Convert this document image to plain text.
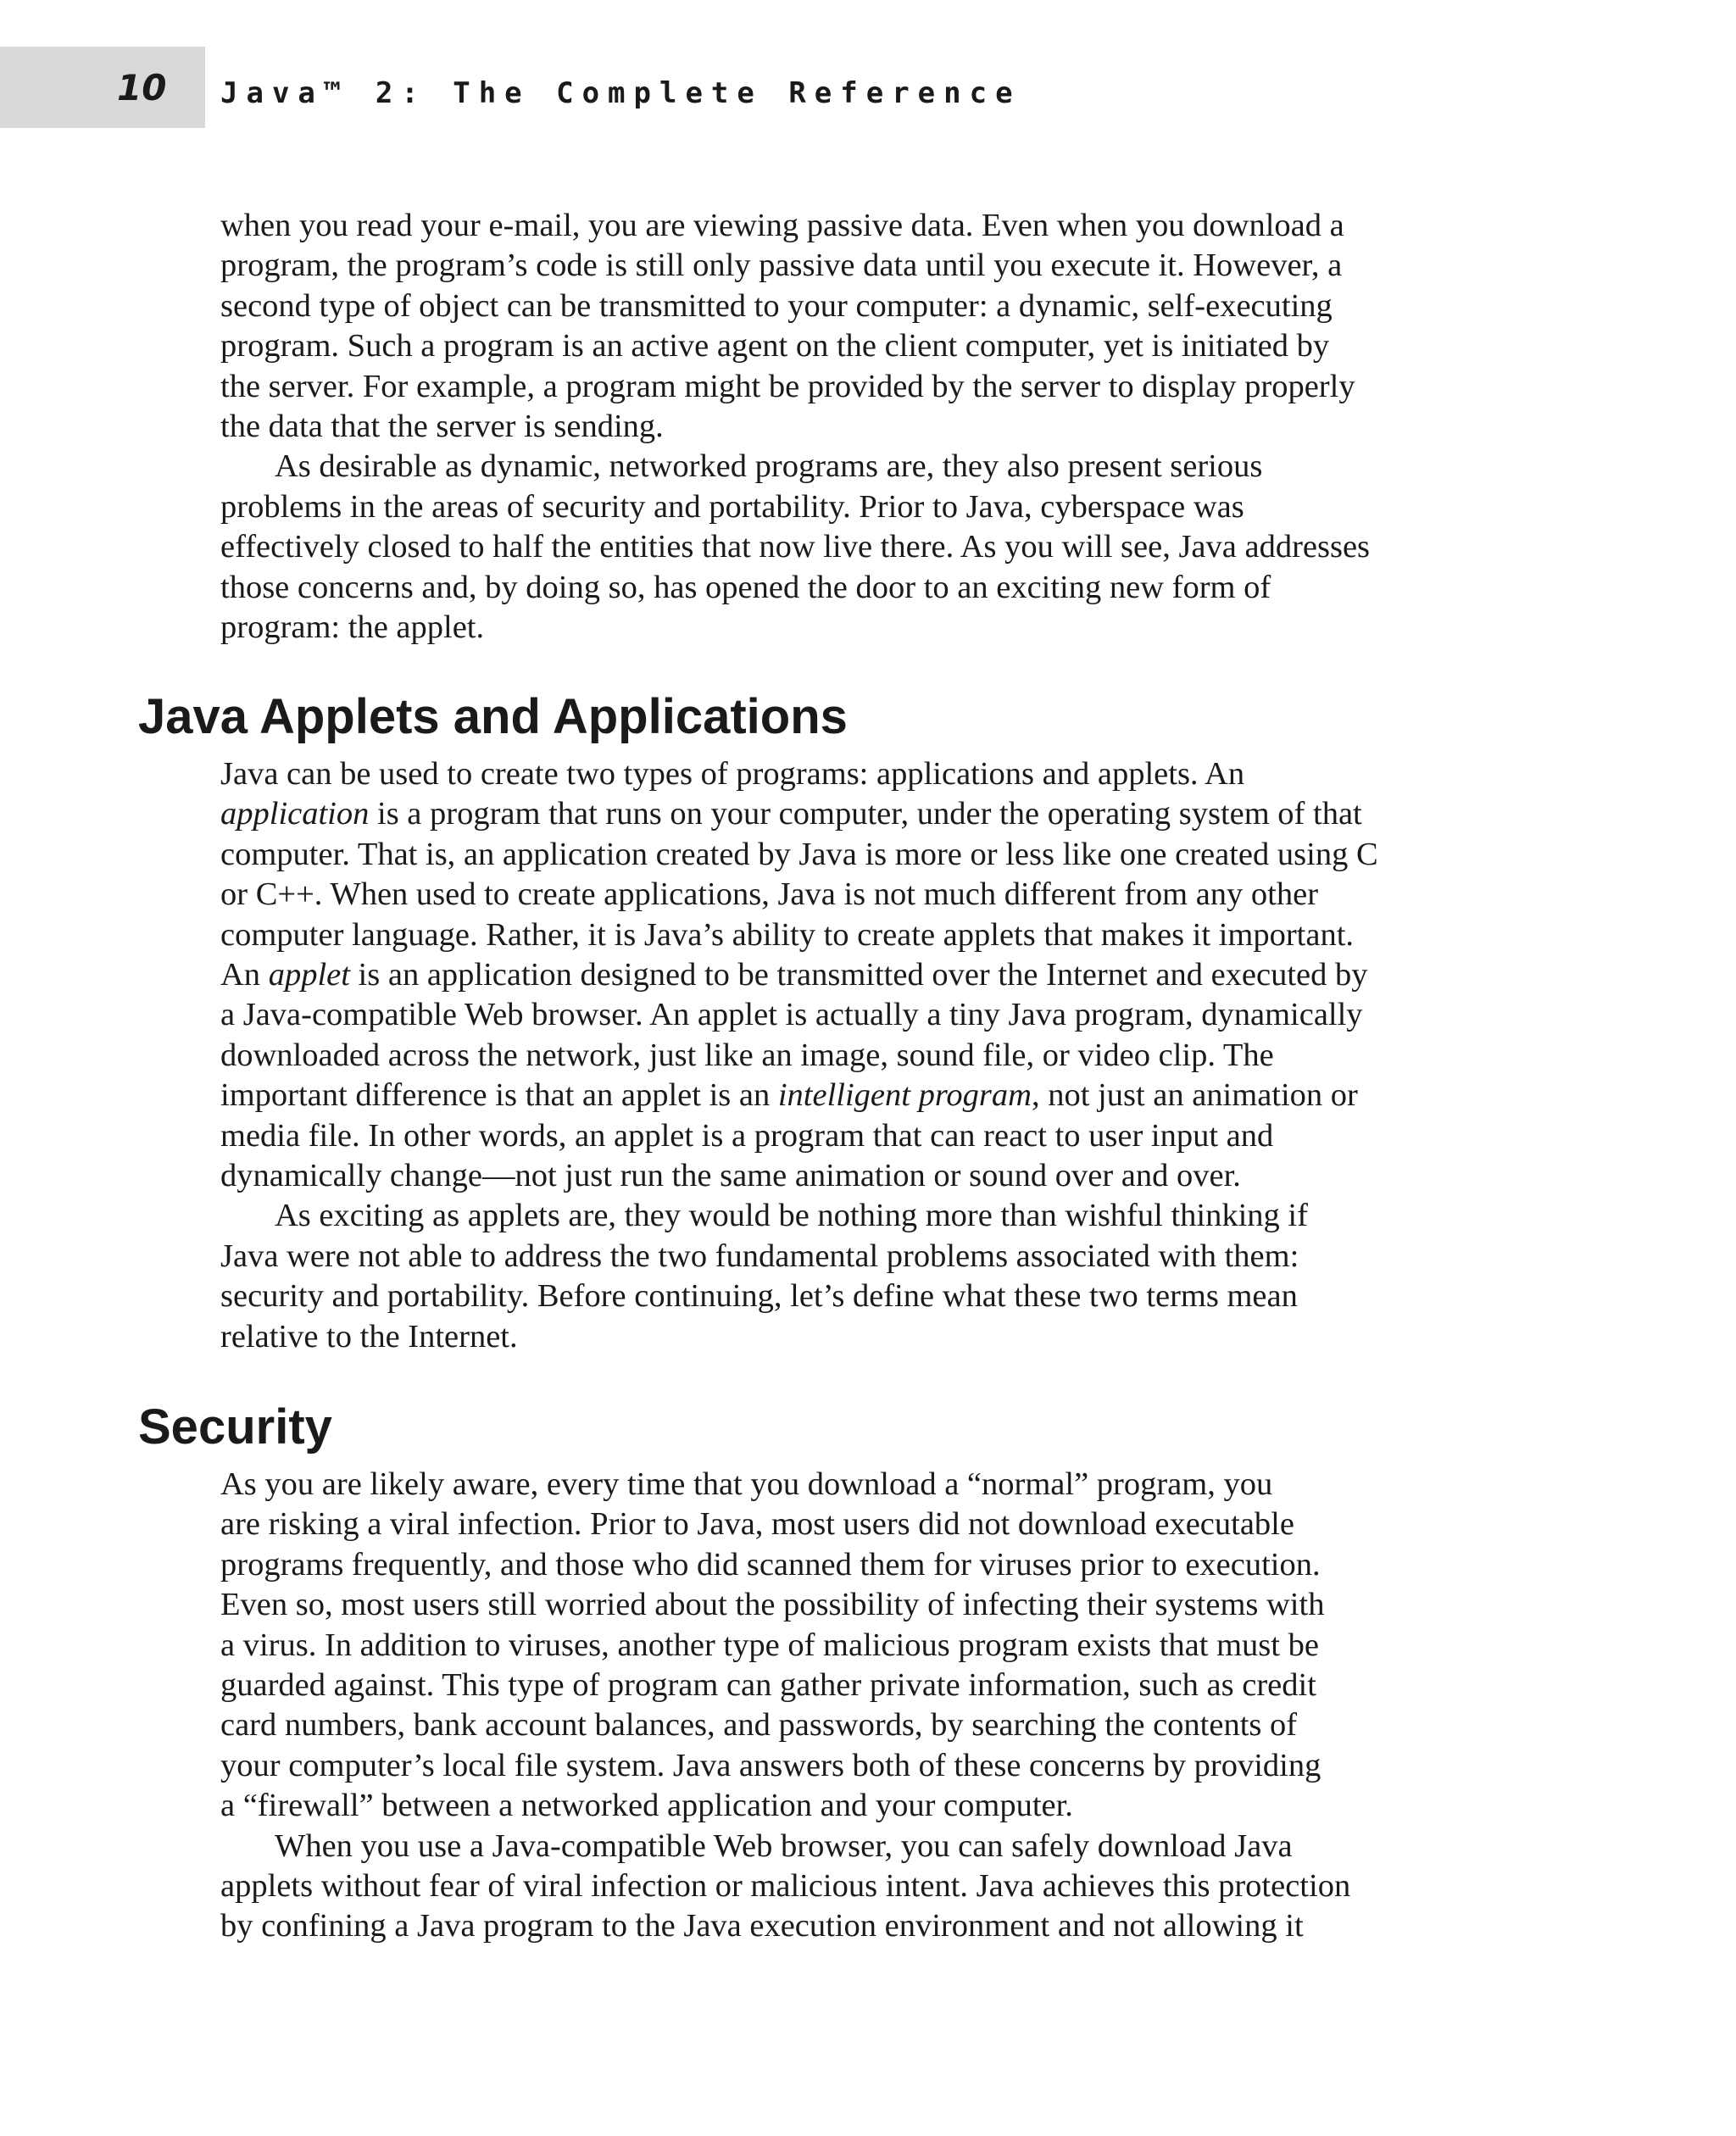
10 Java™ 2: The Complete Reference
when you read your e-mail, you are viewing passive data. Even when you download a
program, the program’s code is still only passive data until you execute it. However, a
second type of object can be transmitted to your computer: a dynamic, self-executing
program. Such a program is an active agent on the client computer, yet is initiated by
the server. For example, a program might be provided by the server to display properly
the data that the server is sending.
As desirable as dynamic, networked programs are, they also present serious
problems in the areas of security and portability. Prior to Java, cyberspace was
effectively closed to half the entities that now live there. As you will see, Java addresses
those concerns and, by doing so, has opened the door to an exciting new form of
program: the applet.
Java Applets and Applications
Java can be used to create two types of programs: applications and applets. An
application is a program that runs on your computer, under the operating system of that
computer. That is, an application created by Java is more or less like one created using C
or C++. When used to create applications, Java is not much different from any other
computer language. Rather, it is Java’s ability to create applets that makes it important.
An applet is an application designed to be transmitted over the Internet and executed by
a Java-compatible Web browser. An applet is actually a tiny Java program, dynamically
downloaded across the network, just like an image, sound file, or video clip. The
important difference is that an applet is an intelligent program, not just an animation or
media file. In other words, an applet is a program that can react to user input and
dynamically change—not just run the same animation or sound over and over.
As exciting as applets are, they would be nothing more than wishful thinking if
Java were not able to address the two fundamental problems associated with them:
security and portability. Before continuing, let’s define what these two terms mean
relative to the Internet.
Security
As you are likely aware, every time that you download a “normal” program, you
are risking a viral infection. Prior to Java, most users did not download executable
programs frequently, and those who did scanned them for viruses prior to execution.
Even so, most users still worried about the possibility of infecting their systems with
a virus. In addition to viruses, another type of malicious program exists that must be
guarded against. This type of program can gather private information, such as credit
card numbers, bank account balances, and passwords, by searching the contents of
your computer’s local file system. Java answers both of these concerns by providing
a “firewall” between a networked application and your computer.
When you use a Java-compatible Web browser, you can safely download Java
applets without fear of viral infection or malicious intent. Java achieves this protection
by confining a Java program to the Java execution environment and not allowing it
